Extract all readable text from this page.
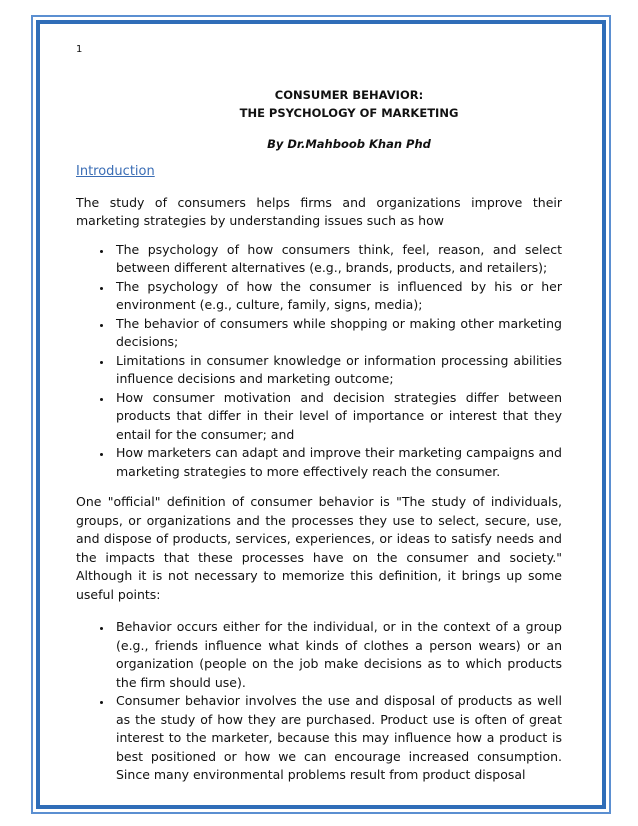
1
CONSUMER BEHAVIOR:
THE PSYCHOLOGY OF MARKETING
By Dr.Mahboob Khan Phd
Introduction

The study of consumers helps firms and organizations improve their marketing strategies by understanding issues such as how

• The psychology of how consumers think, feel, reason, and select between different alternatives (e.g., brands, products, and retailers);
• The psychology of how the consumer is influenced by his or her environment (e.g., culture, family, signs, media);
• The behavior of consumers while shopping or making other marketing decisions;
• Limitations in consumer knowledge or information processing abilities influence decisions and marketing outcome;
• How consumer motivation and decision strategies differ between products that differ in their level of importance or interest that they entail for the consumer; and
• How marketers can adapt and improve their marketing campaigns and marketing strategies to more effectively reach the consumer.

One "official" definition of consumer behavior is "The study of individuals, groups, or organizations and the processes they use to select, secure, use, and dispose of products, services, experiences, or ideas to satisfy needs and the impacts that these processes have on the consumer and society." Although it is not necessary to memorize this definition, it brings up some useful points:

• Behavior occurs either for the individual, or in the context of a group (e.g., friends influence what kinds of clothes a person wears) or an organization (people on the job make decisions as to which products the firm should use).
• Consumer behavior involves the use and disposal of products as well as the study of how they are purchased. Product use is often of great interest to the marketer, because this may influence how a product is best positioned or how we can encourage increased consumption. Since many environmental problems result from product disposal
